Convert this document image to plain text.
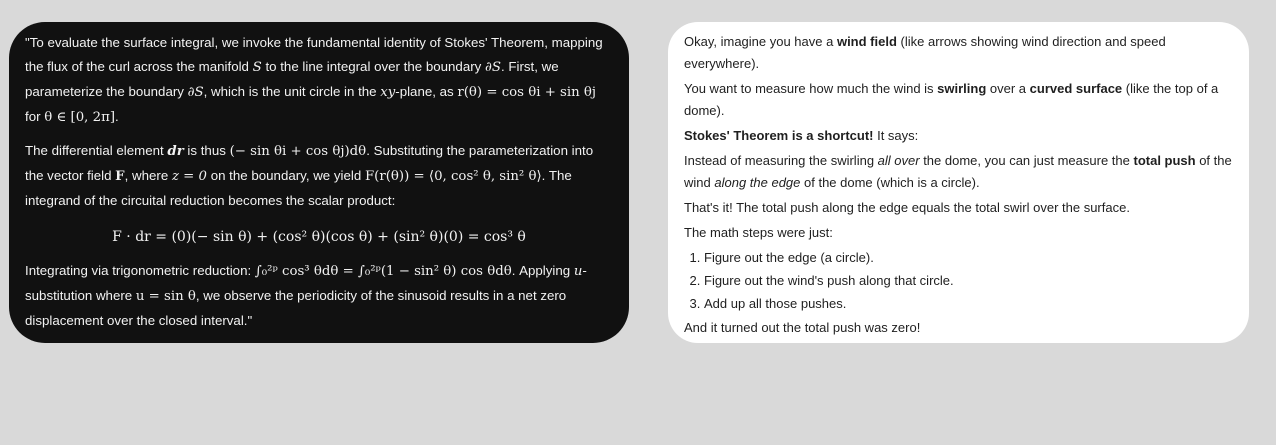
"To evaluate the surface integral, we invoke the fundamental identity of Stokes' Theorem, mapping the flux of the curl across the manifold S to the line integral over the boundary ∂S. First, we parameterize the boundary ∂S, which is the unit circle in the xy-plane, as r(θ) = cos θi + sin θj for θ ∈ [0, 2π].

The differential element dr is thus (− sin θi + cos θj)dθ. Substituting the parameterization into the vector field F, where z = 0 on the boundary, we yield F(r(θ)) = ⟨0, cos² θ, sin² θ⟩. The integrand of the circuital reduction becomes the scalar product:

F · dr = (0)(− sin θ) + (cos² θ)(cos θ) + (sin² θ)(0) = cos³ θ

Integrating via trigonometric reduction: ∫₀²ᵖ cos³ θdθ = ∫₀²ᵖ(1 − sin² θ) cos θdθ. Applying u-substitution where u = sin θ, we observe the periodicity of the sinusoid results in a net zero displacement over the closed interval."

Okay, imagine you have a wind field (like arrows showing wind direction and speed everywhere).

You want to measure how much the wind is swirling over a curved surface (like the top of a dome).

Stokes' Theorem is a shortcut! It says:

Instead of measuring the swirling all over the dome, you can just measure the total push of the wind along the edge of the dome (which is a circle).

That's it! The total push along the edge equals the total swirl over the surface.

The math steps were just:

1. Figure out the edge (a circle).
2. Figure out the wind's push along that circle.
3. Add up all those pushes.

And it turned out the total push was zero!
